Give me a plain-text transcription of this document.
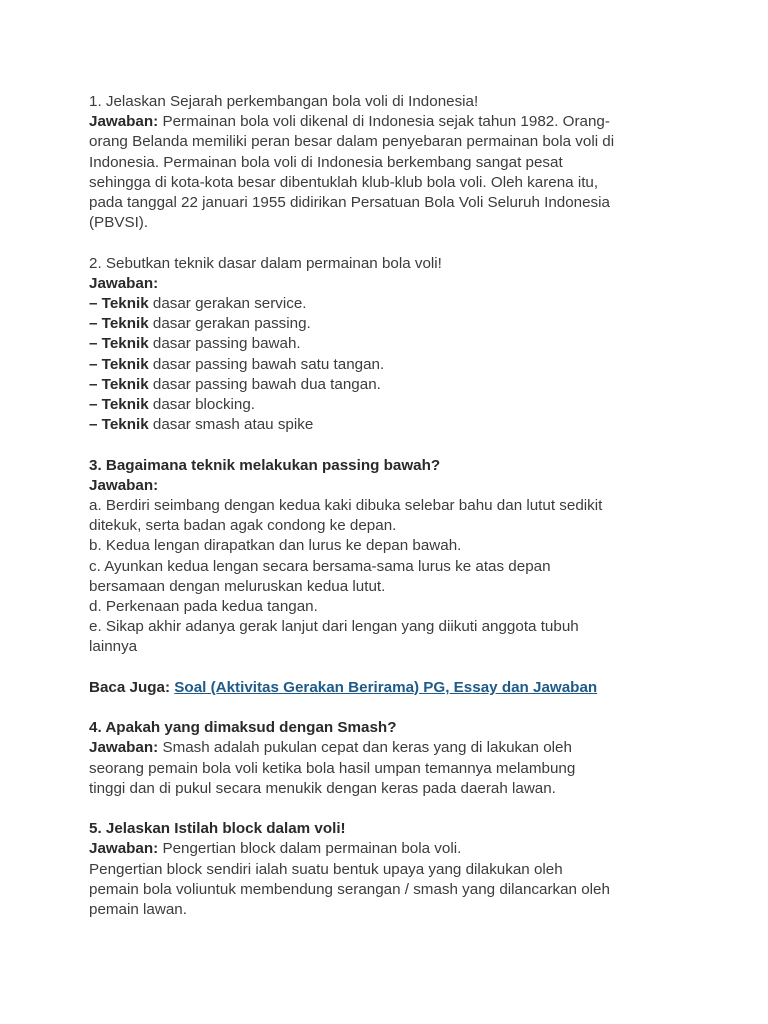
1. Jelaskan Sejarah perkembangan bola voli di Indonesia!

Jawaban: Permainan bola voli dikenal di Indonesia sejak tahun 1982. Orang-

orang Belanda memiliki peran besar dalam penyebaran permainan bola voli di

Indonesia. Permainan bola voli di Indonesia berkembang sangat pesat

sehingga di kota-kota besar dibentuklah klub-klub bola voli. Oleh karena itu,

pada tanggal 22 januari 1955 didirikan Persatuan Bola Voli Seluruh Indonesia

(PBVSI).

2. Sebutkan teknik dasar dalam permainan bola voli!

Jawaban:

– Teknik dasar gerakan service.

– Teknik dasar gerakan passing.

– Teknik dasar passing bawah.

– Teknik dasar passing bawah satu tangan.

– Teknik dasar passing bawah dua tangan.

– Teknik dasar blocking.

– Teknik dasar smash atau spike

3. Bagaimana teknik melakukan passing bawah?

Jawaban:

a. Berdiri seimbang dengan kedua kaki dibuka selebar bahu dan lutut sedikit

ditekuk, serta badan agak condong ke depan.

b. Kedua lengan dirapatkan dan lurus ke depan bawah.

c. Ayunkan kedua lengan secara bersama-sama lurus ke atas depan

bersamaan dengan meluruskan kedua lutut.

d. Perkenaan pada kedua tangan.

e. Sikap akhir adanya gerak lanjut dari lengan yang diikuti anggota tubuh

lainnya

Baca Juga: Soal (Aktivitas Gerakan Berirama) PG, Essay dan Jawaban

4. Apakah yang dimaksud dengan Smash?

Jawaban: Smash adalah pukulan cepat dan keras yang di lakukan oleh

seorang pemain bola voli ketika bola hasil umpan temannya melambung

tinggi dan di pukul secara menukik dengan keras pada daerah lawan.

5. Jelaskan Istilah block dalam voli!

Jawaban: Pengertian block dalam permainan bola voli.

Pengertian block sendiri ialah suatu bentuk upaya yang dilakukan oleh

pemain bola voliuntuk membendung serangan / smash yang dilancarkan oleh

pemain lawan.
